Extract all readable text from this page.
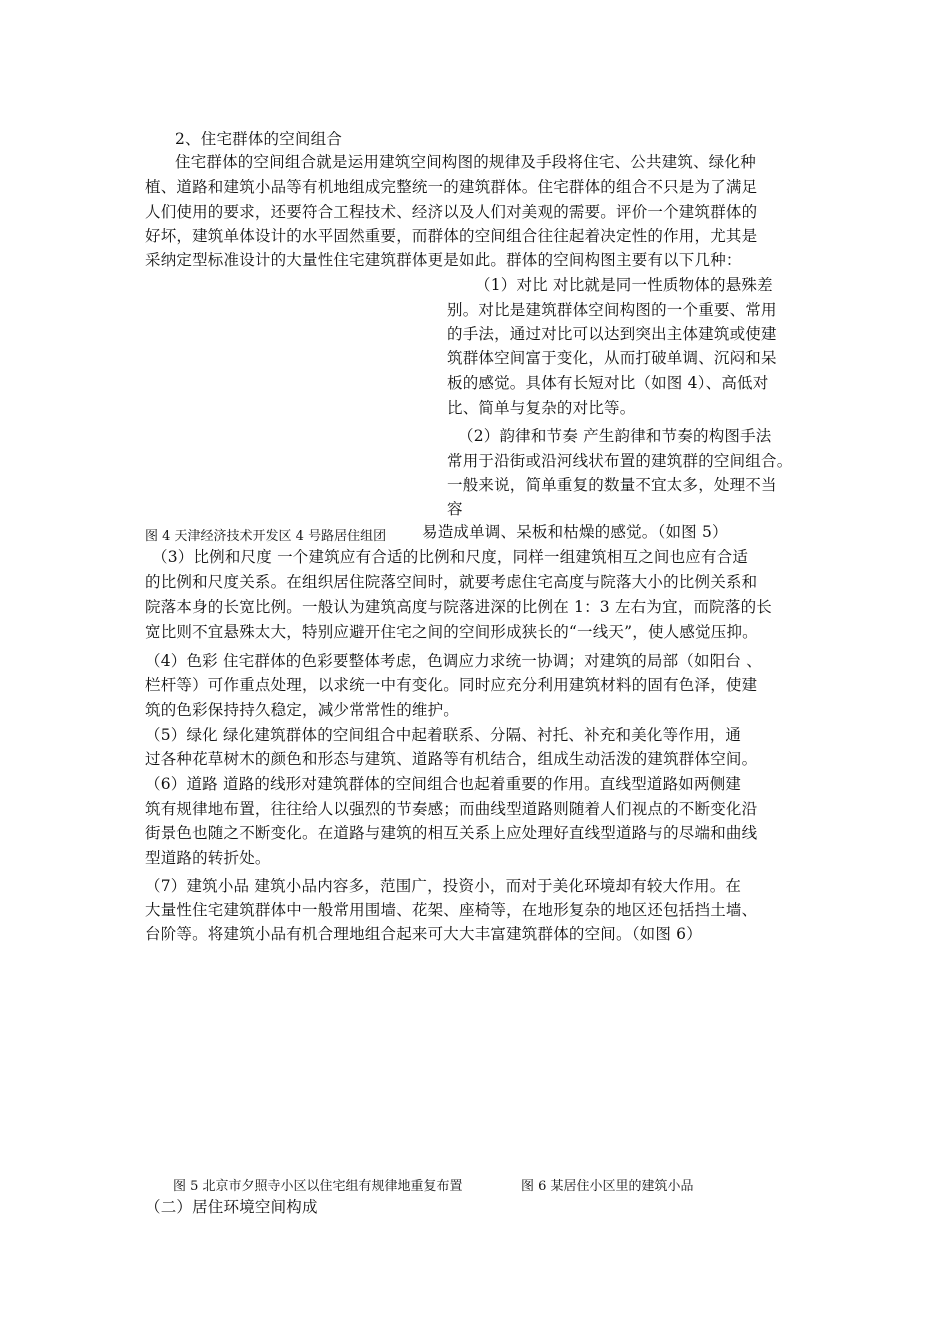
2、住宅群体的空间组合
住宅群体的空间组合就是运用建筑空间构图的规律及手段将住宅、公共建筑、绿化种
植、道路和建筑小品等有机地组成完整统一的建筑群体。住宅群体的组合不只是为了满足
人们使用的要求，还要符合工程技术、经济以及人们对美观的需要。评价一个建筑群体的
好坏，建筑单体设计的水平固然重要，而群体的空间组合往往起着决定性的作用，尤其是
采纳定型标准设计的大量性住宅建筑群体更是如此。群体的空间构图主要有以下几种：
（1）对比 对比就是同一性质物体的悬殊差
别。对比是建筑群体空间构图的一个重要、常用
的手法，通过对比可以达到突出主体建筑或使建
筑群体空间富于变化，从而打破单调、沉闷和呆
板的感觉。具体有长短对比（如图 4）、高低对
比、简单与复杂的对比等。
（2）韵律和节奏 产生韵律和节奏的构图手法
常用于沿街或沿河线状布置的建筑群的空间组合。
一般来说，简单重复的数量不宜太多，处理不当
容
图 4 天津经济技术开发区 4 号路居住组团 易造成单调、呆板和枯燥的感觉。（如图 5）
（3）比例和尺度 一个建筑应有合适的比例和尺度，同样一组建筑相互之间也应有合适
的比例和尺度关系。在组织居住院落空间时，就要考虑住宅高度与院落大小的比例关系和
院落本身的长宽比例。一般认为建筑高度与院落进深的比例在 1：3 左右为宜，而院落的长
宽比则不宜悬殊太大，特别应避开住宅之间的空间形成狭长的“一线天”，使人感觉压抑。
（4）色彩 住宅群体的色彩要整体考虑，色调应力求统一协调；对建筑的局部（如阳台 、
栏杆等）可作重点处理，以求统一中有变化。同时应充分利用建筑材料的固有色泽，使建
筑的色彩保持持久稳定，减少常常性的维护。
（5）绿化 绿化建筑群体的空间组合中起着联系、分隔、衬托、补充和美化等作用，通
过各种花草树木的颜色和形态与建筑、道路等有机结合，组成生动活泼的建筑群体空间。
（6）道路 道路的线形对建筑群体的空间组合也起着重要的作用。直线型道路如两侧建
筑有规律地布置，往往给人以强烈的节奏感；而曲线型道路则随着人们视点的不断变化沿
街景色也随之不断变化。在道路与建筑的相互关系上应处理好直线型道路与的尽端和曲线
型道路的转折处。
（7）建筑小品 建筑小品内容多，范围广，投资小，而对于美化环境却有较大作用。在
大量性住宅建筑群体中一般常用围墙、花架、座椅等，在地形复杂的地区还包括挡土墙、
台阶等。将建筑小品有机合理地组合起来可大大丰富建筑群体的空间。（如图 6）
图 5 北京市夕照寺小区以住宅组有规律地重复布置	图 6 某居住小区里的建筑小品
（二）居住环境空间构成
